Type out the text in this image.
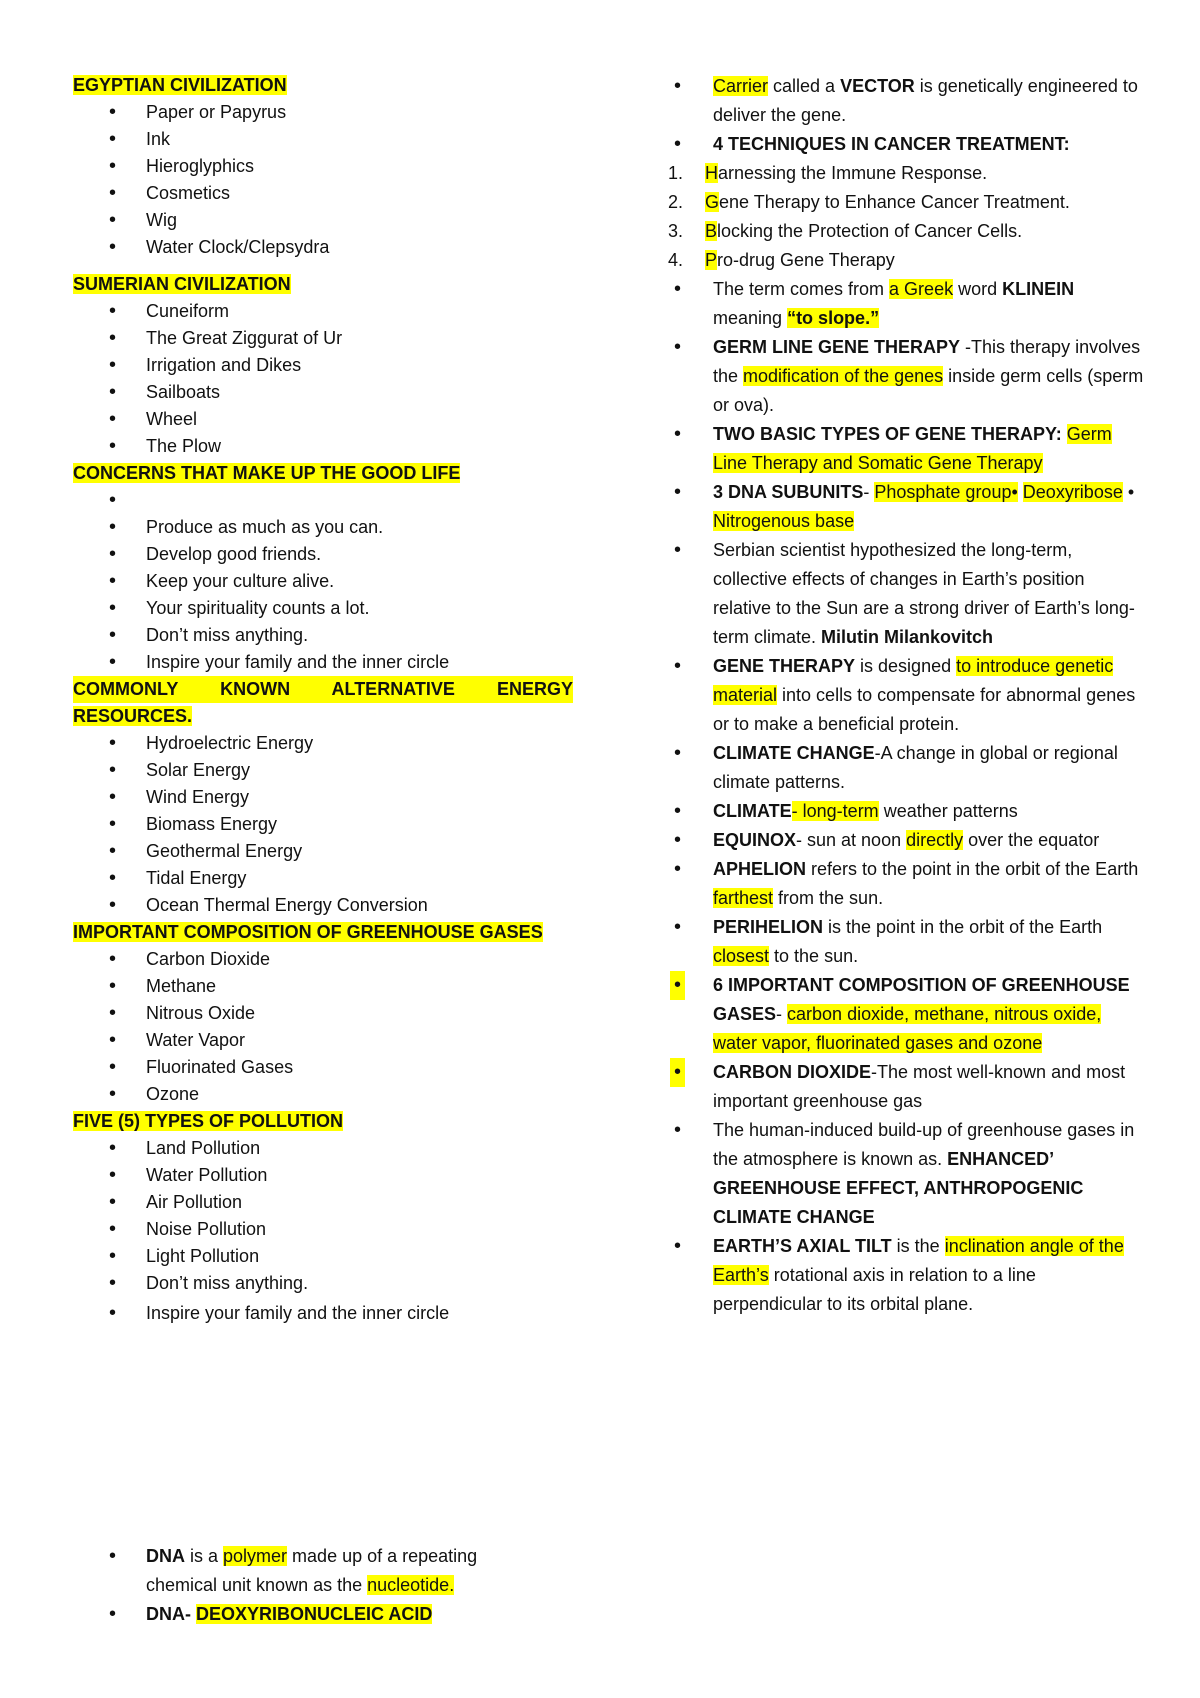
EGYPTIAN CIVILIZATION

• Paper or Papyrus
• Ink
• Hieroglyphics
• Cosmetics
• Wig
• Water Clock/Clepsydra

SUMERIAN CIVILIZATION

• Cuneiform
• The Great Ziggurat of Ur
• Irrigation and Dikes
• Sailboats
• Wheel
• The Plow

CONCERNS THAT MAKE UP THE GOOD LIFE

•
• Produce as much as you can.
• Develop good friends.
• Keep your culture alive.
• Your spirituality counts a lot.
• Don’t miss anything.
• Inspire your family and the inner circle
COMMONLY KNOWN ALTERNATIVE ENERGY

RESOURCES.

• Hydroelectric Energy
• Solar Energy
• Wind Energy
• Biomass Energy
• Geothermal Energy
• Tidal Energy
• Ocean Thermal Energy Conversion

IMPORTANT COMPOSITION OF GREENHOUSE GASES

• Carbon Dioxide
• Methane
• Nitrous Oxide
• Water Vapor
• Fluorinated Gases
• Ozone

FIVE (5) TYPES OF POLLUTION

• Land Pollution
• Water Pollution
• Air Pollution
• Noise Pollution
• Light Pollution
• Don’t miss anything.
• Inspire your family and the inner circle
• DNA is a polymer made up of a repeating
chemical unit known as the nucleotide.
• DNA- DEOXYRIBONUCLEIC ACID
• Carrier called a VECTOR is genetically engineered to deliver the gene.
• 4 TECHNIQUES IN CANCER TREATMENT:
1. Harnessing the Immune Response.
2. Gene Therapy to Enhance Cancer Treatment.
3. Blocking the Protection of Cancer Cells.
4. Pro-drug Gene Therapy
• The term comes from a Greek word KLINEIN meaning “to slope.”
• GERM LINE GENE THERAPY -This therapy involves the modification of the genes inside germ cells (sperm or ova).
• TWO BASIC TYPES OF GENE THERAPY: Germ Line Therapy and Somatic Gene Therapy
• 3 DNA SUBUNITS- Phosphate group• Deoxyribose • Nitrogenous base
• Serbian scientist hypothesized the long-term, collective effects of changes in Earth’s position relative to the Sun are a strong driver of Earth’s long-term climate. Milutin Milankovitch
• GENE THERAPY is designed to introduce genetic material into cells to compensate for abnormal genes or to make a beneficial protein.
• CLIMATE CHANGE-A change in global or regional climate patterns.
• CLIMATE- long-term weather patterns
• EQUINOX- sun at noon directly over the equator
• APHELION refers to the point in the orbit of the Earth farthest from the sun.
• PERIHELION is the point in the orbit of the Earth closest to the sun.
• 6 IMPORTANT COMPOSITION OF GREENHOUSE GASES- carbon dioxide, methane, nitrous oxide, water vapor, fluorinated gases and ozone
• CARBON DIOXIDE-The most well-known and most important greenhouse gas
• The human-induced build-up of greenhouse gases in the atmosphere is known as. ENHANCED’ GREENHOUSE EFFECT, ANTHROPOGENIC CLIMATE CHANGE
• EARTH’S AXIAL TILT is the inclination angle of the Earth’s rotational axis in relation to a line perpendicular to its orbital plane.
